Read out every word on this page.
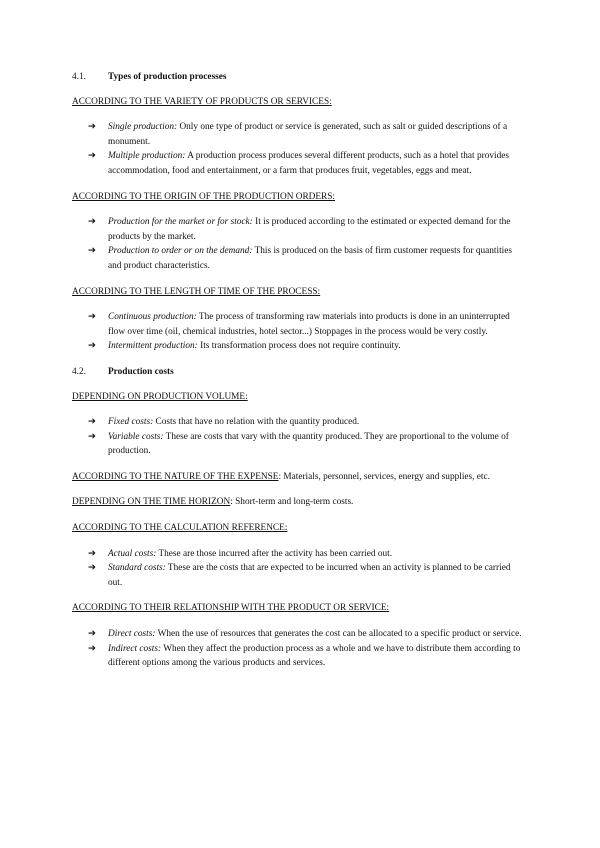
4.1.	Types of production processes
ACCORDING TO THE VARIETY OF PRODUCTS OR SERVICES:
➔	Single production: Only one type of product or service is generated, such as salt or guided descriptions of a monument.
➔	Multiple production: A production process produces several different products, such as a hotel that provides accommodation, food and entertainment, or a farm that produces fruit, vegetables, eggs and meat.
ACCORDING TO THE ORIGIN OF THE PRODUCTION ORDERS:
➔	Production for the market or for stock: It is produced according to the estimated or expected demand for the products by the market.
➔	Production to order or on the demand: This is produced on the basis of firm customer requests for quantities and product characteristics.
ACCORDING TO THE LENGTH OF TIME OF THE PROCESS:
➔	Continuous production: The process of transforming raw materials into products is done in an uninterrupted flow over time (oil, chemical industries, hotel sector...) Stoppages in the process would be very costly.
➔	Intermittent production: Its transformation process does not require continuity.
4.2.	Production costs
DEPENDING ON PRODUCTION VOLUME:
➔	Fixed costs: Costs that have no relation with the quantity produced.
➔	Variable costs: These are costs that vary with the quantity produced. They are proportional to the volume of production.
ACCORDING TO THE NATURE OF THE EXPENSE: Materials, personnel, services, energy and supplies, etc.
DEPENDING ON THE TIME HORIZON: Short-term and long-term costs.
ACCORDING TO THE CALCULATION REFERENCE:
➔	Actual costs: These are those incurred after the activity has been carried out.
➔	Standard costs: These are the costs that are expected to be incurred when an activity is planned to be carried out.
ACCORDING TO THEIR RELATIONSHIP WITH THE PRODUCT OR SERVICE:
➔	Direct costs: When the use of resources that generates the cost can be allocated to a specific product or service.
➔	Indirect costs: When they affect the production process as a whole and we have to distribute them according to different options among the various products and services.
